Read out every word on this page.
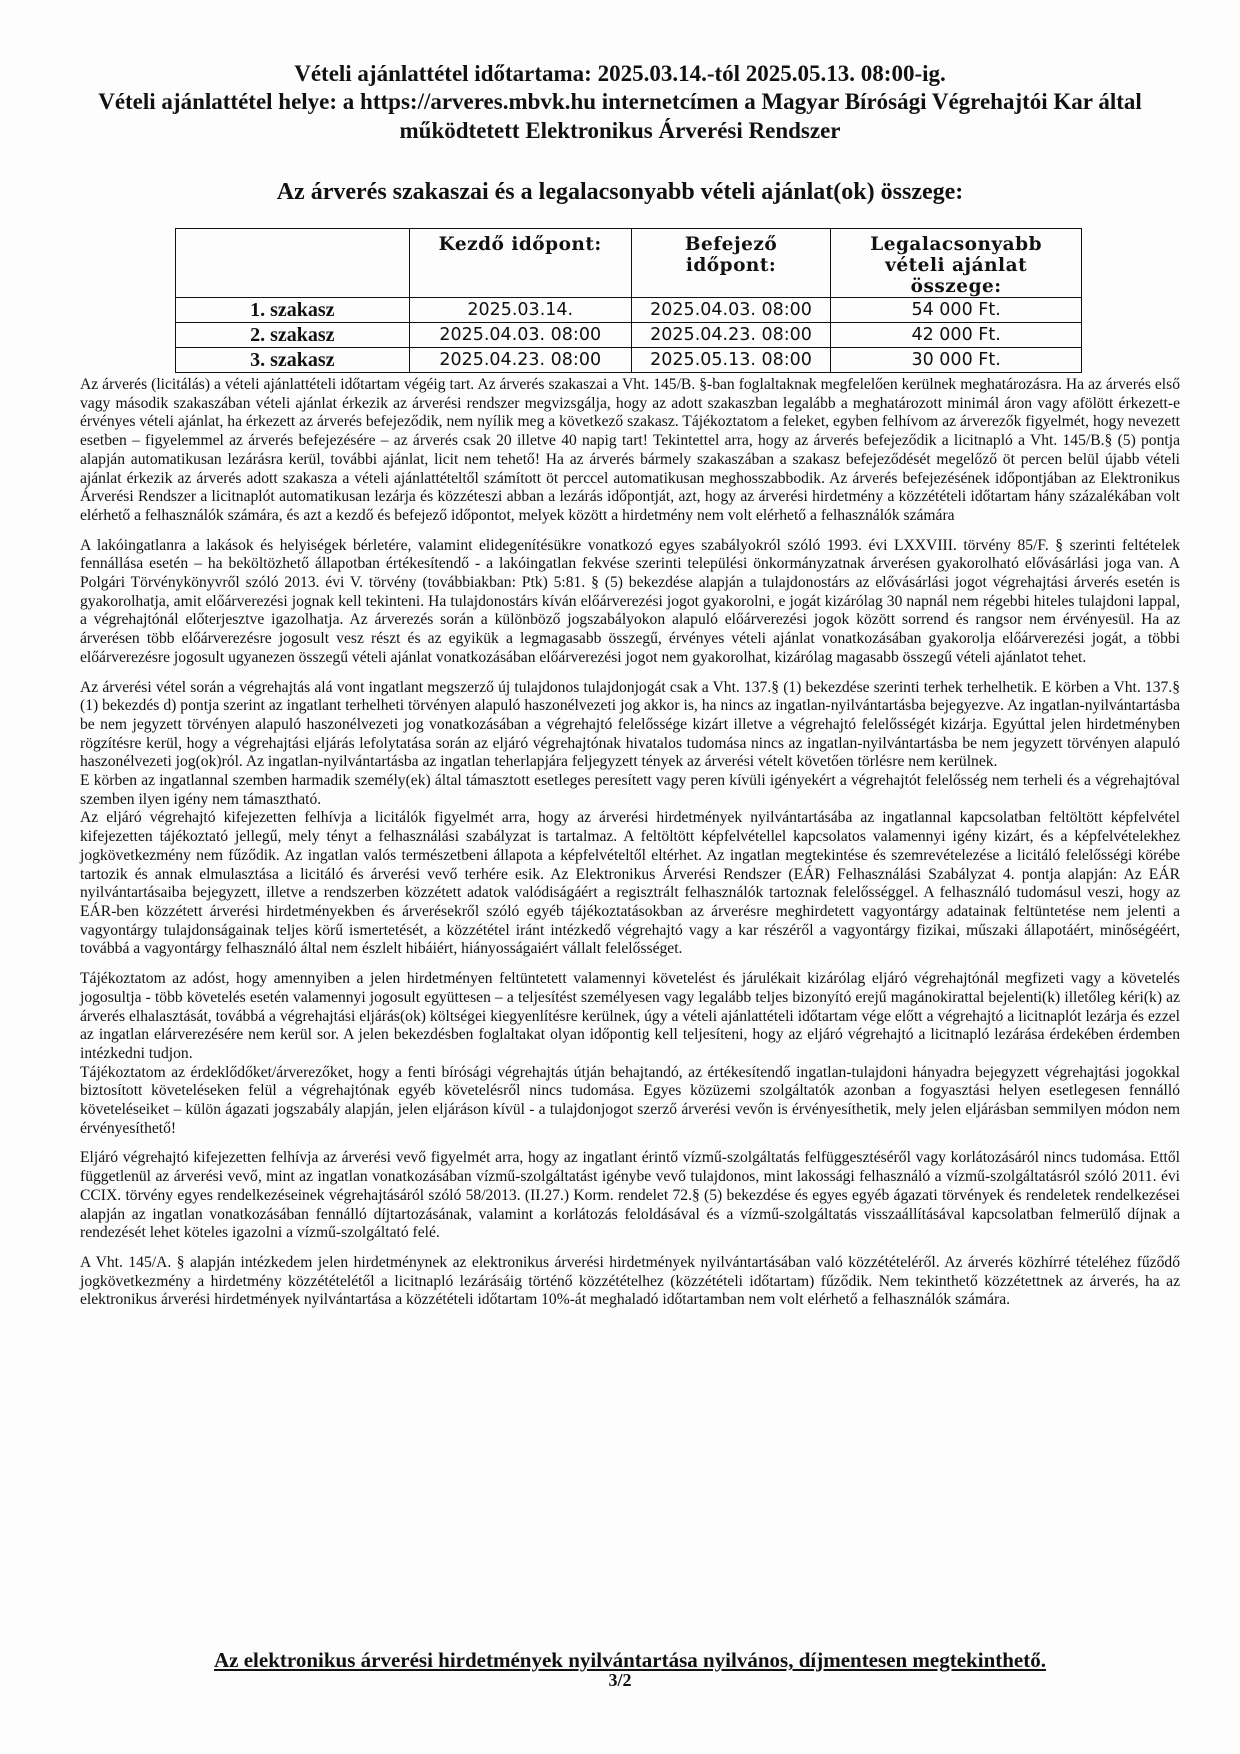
Vételi ajánlattétel időtartama: 2025.03.14.-tól 2025.05.13. 08:00-ig.
Vételi ajánlattétel helye: a https://arveres.mbvk.hu internetcímen a Magyar Bírósági Végrehajtói Kar által
működtetett Elektronikus Árverési Rendszer
Az árverés szakaszai és a legalacsonyabb vételi ajánlat(ok) összege:
	Kezdő időpont:	Befejező időpont:	Legalacsonyabb vételi ajánlat összege:
1. szakasz	2025.03.14.	2025.04.03. 08:00	54 000 Ft.
2. szakasz	2025.04.03. 08:00	2025.04.23. 08:00	42 000 Ft.
3. szakasz	2025.04.23. 08:00	2025.05.13. 08:00	30 000 Ft.

Az árverés (licitálás) a vételi ajánlattételi időtartam végéig tart. Az árverés szakaszai a Vht. 145/B. §-ban foglaltaknak megfelelően kerülnek meghatározásra. Ha az árverés első vagy második szakaszában vételi ajánlat érkezik az árverési rendszer megvizsgálja, hogy az adott szakaszban legalább a meghatározott minimál áron vagy afölött érkezett-e érvényes vételi ajánlat, ha érkezett az árverés befejeződik, nem nyílik meg a következő szakasz. Tájékoztatom a feleket, egyben felhívom az árverezők figyelmét, hogy nevezett esetben – figyelemmel az árverés befejezésére – az árverés csak 20 illetve 40 napig tart! Tekintettel arra, hogy az árverés befejeződik a licitnapló a Vht. 145/B.§ (5) pontja alapján automatikusan lezárásra kerül, további ajánlat, licit nem tehető! Ha az árverés bármely szakaszában a szakasz befejeződését megelőző öt percen belül újabb vételi ajánlat érkezik az árverés adott szakasza a vételi ajánlattételtől számított öt perccel automatikusan meghosszabbodik. Az árverés befejezésének időpontjában az Elektronikus Árverési Rendszer a licitnaplót automatikusan lezárja és közzéteszi abban a lezárás időpontját, azt, hogy az árverési hirdetmény a közzétételi időtartam hány százalékában volt elérhető a felhasználók számára, és azt a kezdő és befejező időpontot, melyek között a hirdetmény nem volt elérhető a felhasználók számára

A lakóingatlanra a lakások és helyiségek bérletére, valamint elidegenítésükre vonatkozó egyes szabályokról szóló 1993. évi LXXVIII. törvény 85/F. § szerinti feltételek fennállása esetén – ha beköltözhető állapotban értékesítendő - a lakóingatlan fekvése szerinti települési önkormányzatnak árverésen gyakorolható elővásárlási joga van. A Polgári Törvénykönyvről szóló 2013. évi V. törvény (továbbiakban: Ptk) 5:81. § (5) bekezdése alapján a tulajdonostárs az elővásárlási jogot végrehajtási árverés esetén is gyakorolhatja, amit előárverezési jognak kell tekinteni. Ha tulajdonostárs kíván előárverezési jogot gyakorolni, e jogát kizárólag 30 napnál nem régebbi hiteles tulajdoni lappal, a végrehajtónál előterjesztve igazolhatja. Az árverezés során a különböző jogszabályokon alapuló előárverezési jogok között sorrend és rangsor nem érvényesül. Ha az árverésen több előárverezésre jogosult vesz részt és az egyikük a legmagasabb összegű, érvényes vételi ajánlat vonatkozásában gyakorolja előárverezési jogát, a többi előárverezésre jogosult ugyanezen összegű vételi ajánlat vonatkozásában előárverezési jogot nem gyakorolhat, kizárólag magasabb összegű vételi ajánlatot tehet.

Az árverési vétel során a végrehajtás alá vont ingatlant megszerző új tulajdonos tulajdonjogát csak a Vht. 137.§ (1) bekezdése szerinti terhek terhelhetik. E körben a Vht. 137.§ (1) bekezdés d) pontja szerint az ingatlant terhelheti törvényen alapuló haszonélvezeti jog akkor is, ha nincs az ingatlan-nyilvántartásba bejegyezve. Az ingatlan-nyilvántartásba be nem jegyzett törvényen alapuló haszonélvezeti jog vonatkozásában a végrehajtó felelőssége kizárt illetve a végrehajtó felelősségét kizárja. Egyúttal jelen hirdetményben rögzítésre kerül, hogy a végrehajtási eljárás lefolytatása során az eljáró végrehajtónak hivatalos tudomása nincs az ingatlan-nyilvántartásba be nem jegyzett törvényen alapuló haszonélvezeti jog(ok)ról. Az ingatlan-nyilvántartásba az ingatlan teherlapjára feljegyzett tények az árverési vételt követően törlésre nem kerülnek.

E körben az ingatlannal szemben harmadik személy(ek) által támasztott esetleges peresített vagy peren kívüli igényekért a végrehajtót felelősség nem terheli és a végrehajtóval szemben ilyen igény nem támasztható.

Az eljáró végrehajtó kifejezetten felhívja a licitálók figyelmét arra, hogy az árverési hirdetmények nyilvántartásába az ingatlannal kapcsolatban feltöltött képfelvétel kifejezetten tájékoztató jellegű, mely tényt a felhasználási szabályzat is tartalmaz. A feltöltött képfelvétellel kapcsolatos valamennyi igény kizárt, és a képfelvételekhez jogkövetkezmény nem fűződik. Az ingatlan valós természetbeni állapota a képfelvételtől eltérhet. Az ingatlan megtekintése és szemrevételezése a licitáló felelősségi körébe tartozik és annak elmulasztása a licitáló és árverési vevő terhére esik. Az Elektronikus Árverési Rendszer (EÁR) Felhasználási Szabályzat 4. pontja alapján: Az EÁR nyilvántartásaiba bejegyzett, illetve a rendszerben közzétett adatok valódiságáért a regisztrált felhasználók tartoznak felelősséggel. A felhasználó tudomásul veszi, hogy az EÁR-ben közzétett árverési hirdetményekben és árverésekről szóló egyéb tájékoztatásokban az árverésre meghirdetett vagyontárgy adatainak feltüntetése nem jelenti a vagyontárgy tulajdonságainak teljes körű ismertetését, a közzététel iránt intézkedő végrehajtó vagy a kar részéről a vagyontárgy fizikai, műszaki állapotáért, minőségéért, továbbá a vagyontárgy felhasználó által nem észlelt hibáiért, hiányosságaiért vállalt felelősséget.

Tájékoztatom az adóst, hogy amennyiben a jelen hirdetményen feltüntetett valamennyi követelést és járulékait kizárólag eljáró végrehajtónál megfizeti vagy a követelés jogosultja - több követelés esetén valamennyi jogosult együttesen – a teljesítést személyesen vagy legalább teljes bizonyító erejű magánokirattal bejelenti(k) illetőleg kéri(k) az árverés elhalasztását, továbbá a végrehajtási eljárás(ok) költségei kiegyenlítésre kerülnek, úgy a vételi ajánlattételi időtartam vége előtt a végrehajtó a licitnaplót lezárja és ezzel az ingatlan elárverezésére nem kerül sor. A jelen bekezdésben foglaltakat olyan időpontig kell teljesíteni, hogy az eljáró végrehajtó a licitnapló lezárása érdekében érdemben intézkedni tudjon.

Tájékoztatom az érdeklődőket/árverezőket, hogy a fenti bírósági végrehajtás útján behajtandó, az értékesítendő ingatlan-tulajdoni hányadra bejegyzett végrehajtási jogokkal biztosított követeléseken felül a végrehajtónak egyéb követelésről nincs tudomása. Egyes közüzemi szolgáltatók azonban a fogyasztási helyen esetlegesen fennálló követeléseiket – külön ágazati jogszabály alapján, jelen eljáráson kívül - a tulajdonjogot szerző árverési vevőn is érvényesíthetik, mely jelen eljárásban semmilyen módon nem érvényesíthető!

Eljáró végrehajtó kifejezetten felhívja az árverési vevő figyelmét arra, hogy az ingatlant érintő vízmű-szolgáltatás felfüggesztéséről vagy korlátozásáról nincs tudomása. Ettől függetlenül az árverési vevő, mint az ingatlan vonatkozásában vízmű-szolgáltatást igénybe vevő tulajdonos, mint lakossági felhasználó a vízmű-szolgáltatásról szóló 2011. évi CCIX. törvény egyes rendelkezéseinek végrehajtásáról szóló 58/2013. (II.27.) Korm. rendelet 72.§ (5) bekezdése és egyes egyéb ágazati törvények és rendeletek rendelkezései alapján az ingatlan vonatkozásában fennálló díjtartozásának, valamint a korlátozás feloldásával és a vízmű-szolgáltatás visszaállításával kapcsolatban felmerülő díjnak a rendezését lehet köteles igazolni a vízmű-szolgáltató felé.

A Vht. 145/A. § alapján intézkedem jelen hirdetménynek az elektronikus árverési hirdetmények nyilvántartásában való közzétételéről. Az árverés közhírré tételéhez fűződő jogkövetkezmény a hirdetmény közzétételétől a licitnapló lezárásáig történő közzétételhez (közzétételi időtartam) fűződik. Nem tekinthető közzétettnek az árverés, ha az elektronikus árverési hirdetmények nyilvántartása a közzétételi időtartam 10%-át meghaladó időtartamban nem volt elérhető a felhasználók számára.

Az elektronikus árverési hirdetmények nyilvántartása nyilvános, díjmentesen megtekinthető.
3/2
